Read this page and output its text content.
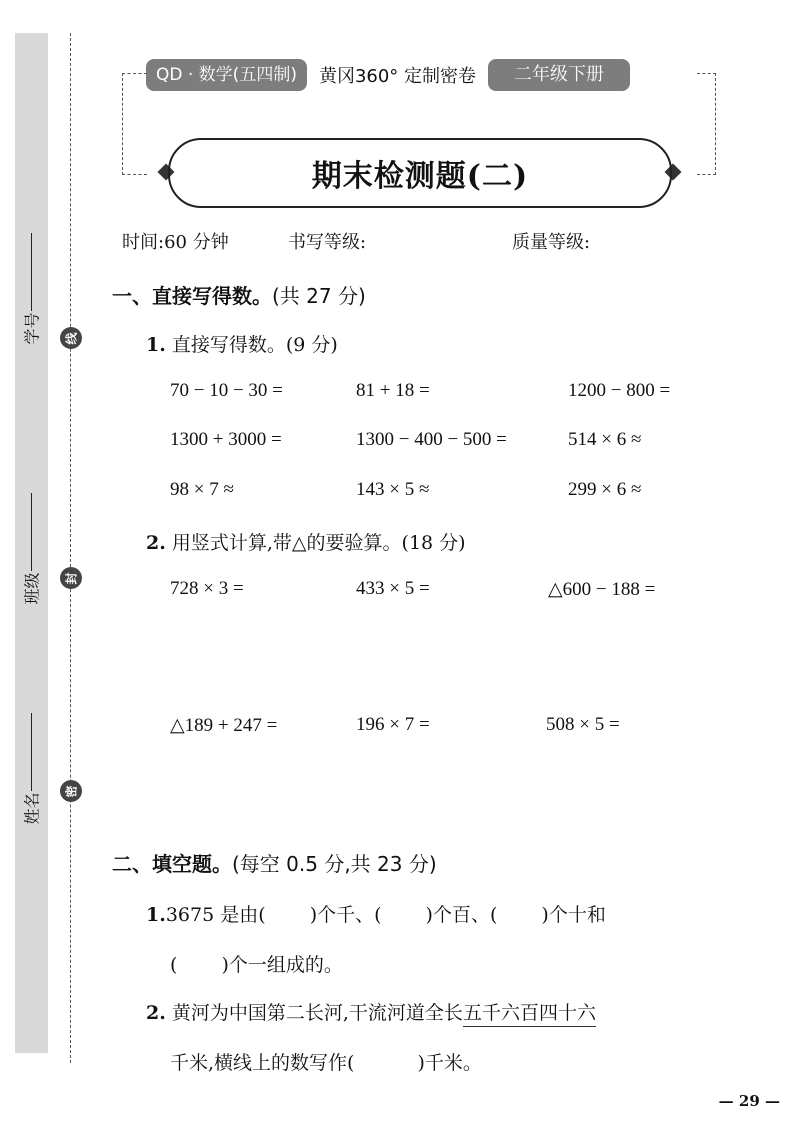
学号
班级
姓名
线
封
密
QD · 数学(五四制)	黄冈360° 定制密卷	二年级下册
期末检测题(二)
时间:60 分钟	书写等级:	质量等级:
一、直接写得数。(共 27 分)
1. 直接写得数。(9 分)
70 − 10 − 30 =	81 + 18 =	1200 − 800 =
1300 + 3000 =	1300 − 400 − 500 =	514 × 6 ≈
98 × 7 ≈	143 × 5 ≈	299 × 6 ≈
2. 用竖式计算,带△的要验算。(18 分)
728 × 3 =	433 × 5 =	△600 − 188 =
△189 + 247 =	196 × 7 =	508 × 5 =
二、填空题。(每空 0.5 分,共 23 分)
1.3675 是由(　　 )个千、(　　 )个百、(　　 )个十和
(　　 )个一组成的。
2. 黄河为中国第二长河,干流河道全长五千六百四十六
千米,横线上的数写作(　　　 )千米。
— 29 —
